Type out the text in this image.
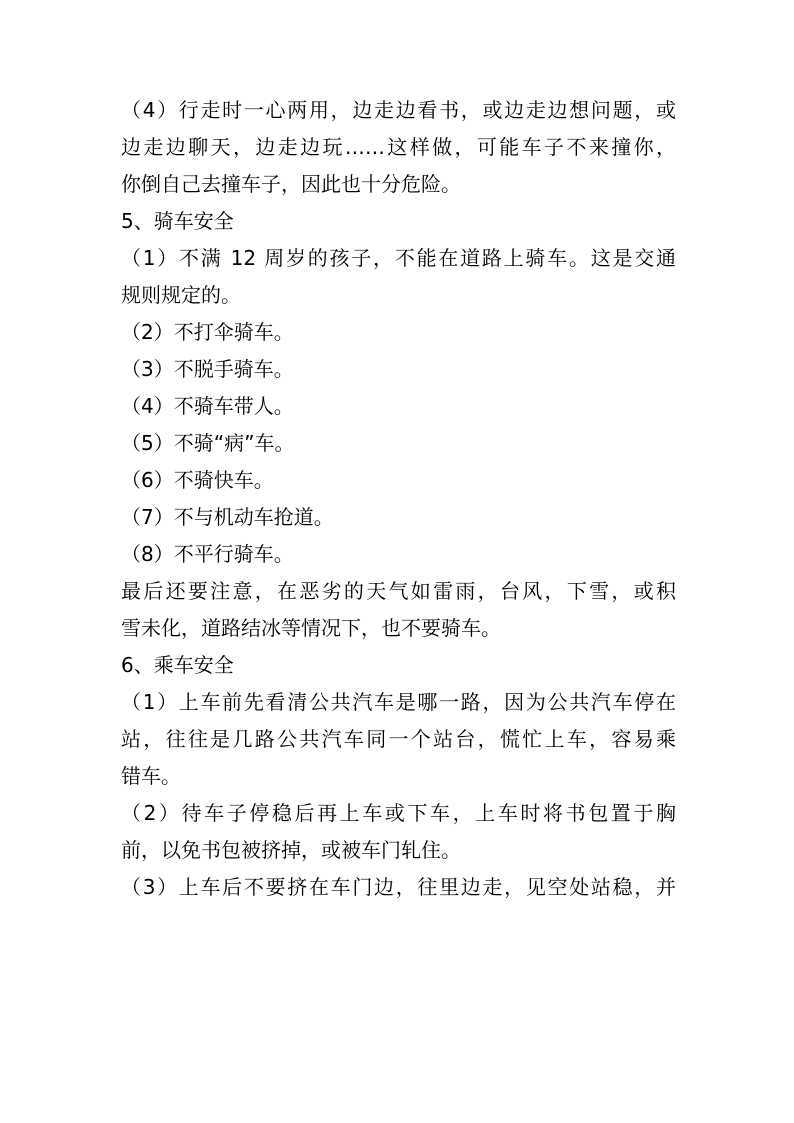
（4）行走时一心两用，边走边看书，或边走边想问题，或
边走边聊天，边走边玩……这样做，可能车子不来撞你，
你倒自己去撞车子，因此也十分危险。
5、骑车安全
（1）不满 12 周岁的孩子，不能在道路上骑车。这是交通
规则规定的。
（2）不打伞骑车。
（3）不脱手骑车。
（4）不骑车带人。
（5）不骑“病”车。
（6）不骑快车。
（7）不与机动车抢道。
（8）不平行骑车。
最后还要注意，在恶劣的天气如雷雨，台风，下雪，或积
雪未化，道路结冰等情况下，也不要骑车。
6、乘车安全
（1）上车前先看清公共汽车是哪一路，因为公共汽车停在
站，往往是几路公共汽车同一个站台，慌忙上车，容易乘
错车。
（2）待车子停稳后再上车或下车，上车时将书包置于胸
前，以免书包被挤掉，或被车门轧住。
（3）上车后不要挤在车门边，往里边走，见空处站稳，并
